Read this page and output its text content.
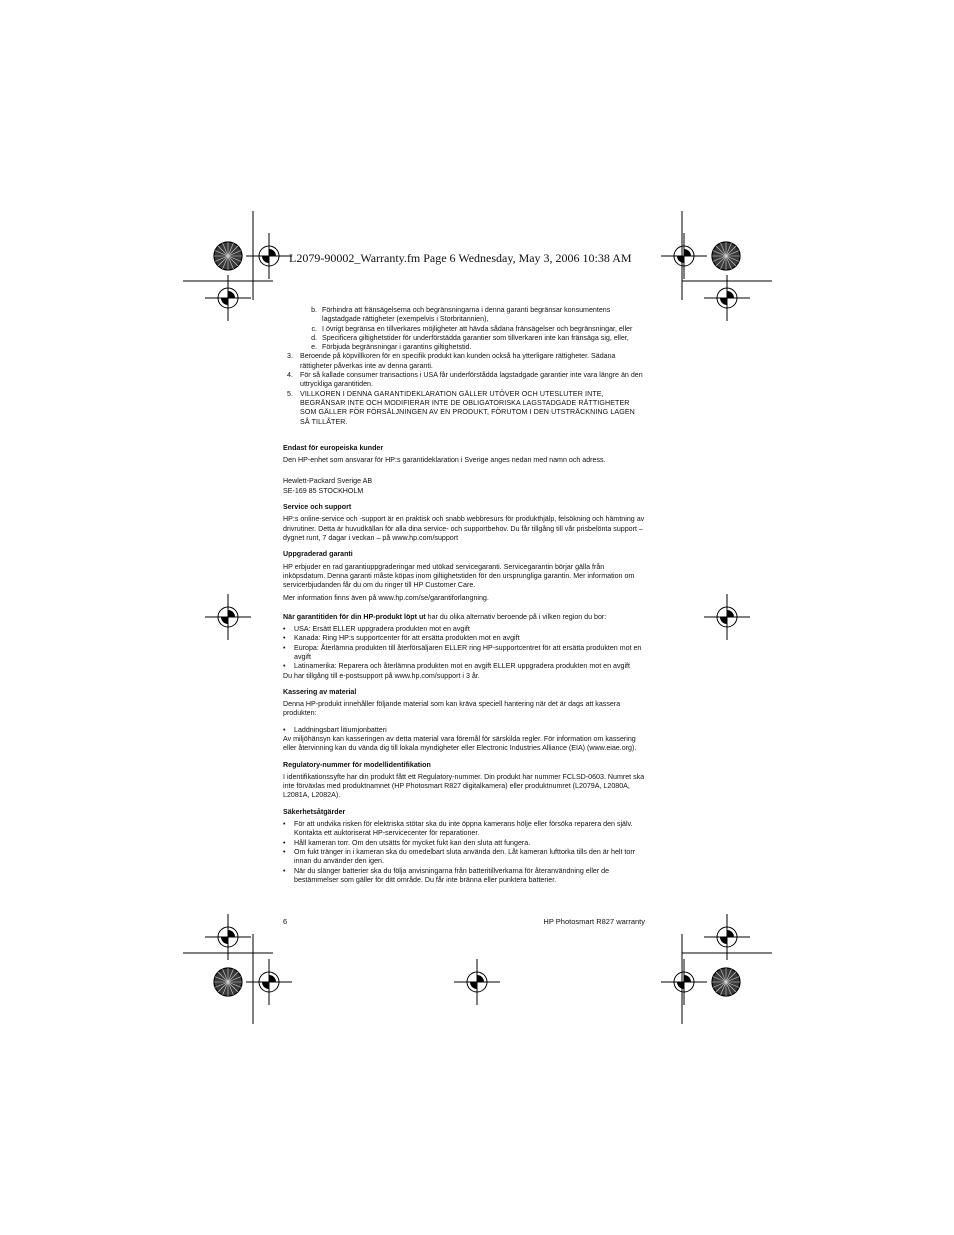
L2079-90002_Warranty.fm Page 6 Wednesday, May 3, 2006 10:38 AM
b. Förhindra att fränsägelsema och begränsningarna i denna garanti begränsar konsumentens lagstadgade rättigheter (exempelvis i Storbritannien),
c. I övrigt begränsa en tillverkares möjligheter att hävda sådana fränsägelser och begränsningar, eller
d. Specificera giltighetstider för underförstädda garantier som tillverkaren inte kan fränsäga sig, eller,
e. Förbjuda begränsningar i garantins giltighetstid.
3. Beroende på köpvillkoren för en specifik produkt kan kunden också ha ytterligare rättigheter. Sädana rättigheter påverkas inte av denna garanti.
4. För så kallade consumer transactions i USA får underförstådda lagstadgade garantier inte vara längre än den uttryckliga garantitiden.
5. VILLKOREN I DENNA GARANTIDEKLARATION GÄLLER UTÖVER OCH UTESLUTER INTE, BEGRÄNSAR INTE OCH MODIFIERAR INTE DE OBLIGATORISKA LAGSTADGADE RÄTTIGHETER SOM GÄLLER FÖR FÖRSÄLJNINGEN AV EN PRODUKT, FÖRUTOM I DEN UTSTRÄCKNING LAGEN SÅ TILLÅTER.

Endast för europeiska kunder

Den HP-enhet som ansvarar för HP:s garantideklaration i Sverige anges nedan med namn och adress.

Hewlett-Packard Sverige AB

SE-169 85 STOCKHOLM

Service och support

HP:s online-service och -support är en praktisk och snabb webbresurs för produkthjälp, felsökning och hämtning av drivrutiner. Detta är huvudkällan för alla dina service- och supportbehov. Du får tillgång till vår prisbelönta support – dygnet runt, 7 dagar i veckan – på www.hp.com/support

Uppgraderad garanti

HP erbjuder en rad garantiuppgraderingar med utökad servicegaranti. Servicegarantin börjar gälla från inköpsdatum. Denna garanti måste köpas inom giltighetstiden för den ursprungliga garantin. Mer information om servicerbjudanden får du om du ringer till HP Customer Care.

Mer information finns även på www.hp.com/se/garantiforlangning.

När garantitiden för din HP-produkt löpt ut har du olika alternativ beroende på i vilken region du bor:

•	USA: Ersätt ELLER uppgradera produkten mot en avgift
•	Kanada: Ring HP:s supportcenter för att ersätta produkten mot en avgift
•	Europa: Återlämna produkten till återförsäljaren ELLER ring HP-supportcentret för att ersätta produkten mot en avgift
•	Latinamerika: Reparera och återlämna produkten mot en avgift ELLER uppgradera produkten mot en avgift

Du har tillgång till e-postsupport på www.hp.com/support i 3 år.

Kassering av material

Denna HP-produkt innehåller följande material som kan kräva speciell hantering när det är dags att kassera produkten:

•	Laddningsbart litiumjonbatteri

Av miljöhänsyn kan kasseringen av detta material vara föremål för särskilda regler. För information om kassering eller återvinning kan du vända dig till lokala myndigheter eller Electronic Industries Alliance (EIA) (www.eiae.org).

Regulatory-nummer för modellidentifikation

I identifikationssyfte har din produkt fått ett Regulatory-nummer. Din produkt har nummer FCLSD-0603. Numret ska inte förväxlas med produktnamnet (HP Photosmart R827 digitalkamera) eller produktnumret (L2079A, L2080A, L2081A, L2082A).

Säkerhetsåtgärder

•	För att undvika risken för elektriska stötar ska du inte öppna kamerans hölje eller försöka reparera den själv. Kontakta ett auktoriserat HP-servicecenter för reparationer.
•	Håll kameran torr. Om den utsätts för mycket fukt kan den sluta att fungera.
•	Om fukt tränger in i kameran ska du omedelbart sluta använda den. Låt kameran lufttorka tills den är helt torr innan du använder den igen.
•	När du slänger batterier ska du följa anvisningarna från batteritillverkarna för återanvändning eller de bestämmelser som gäller för ditt område. Du får inte bränna eller punktera batterier.
6	HP Photosmart R827 warranty
